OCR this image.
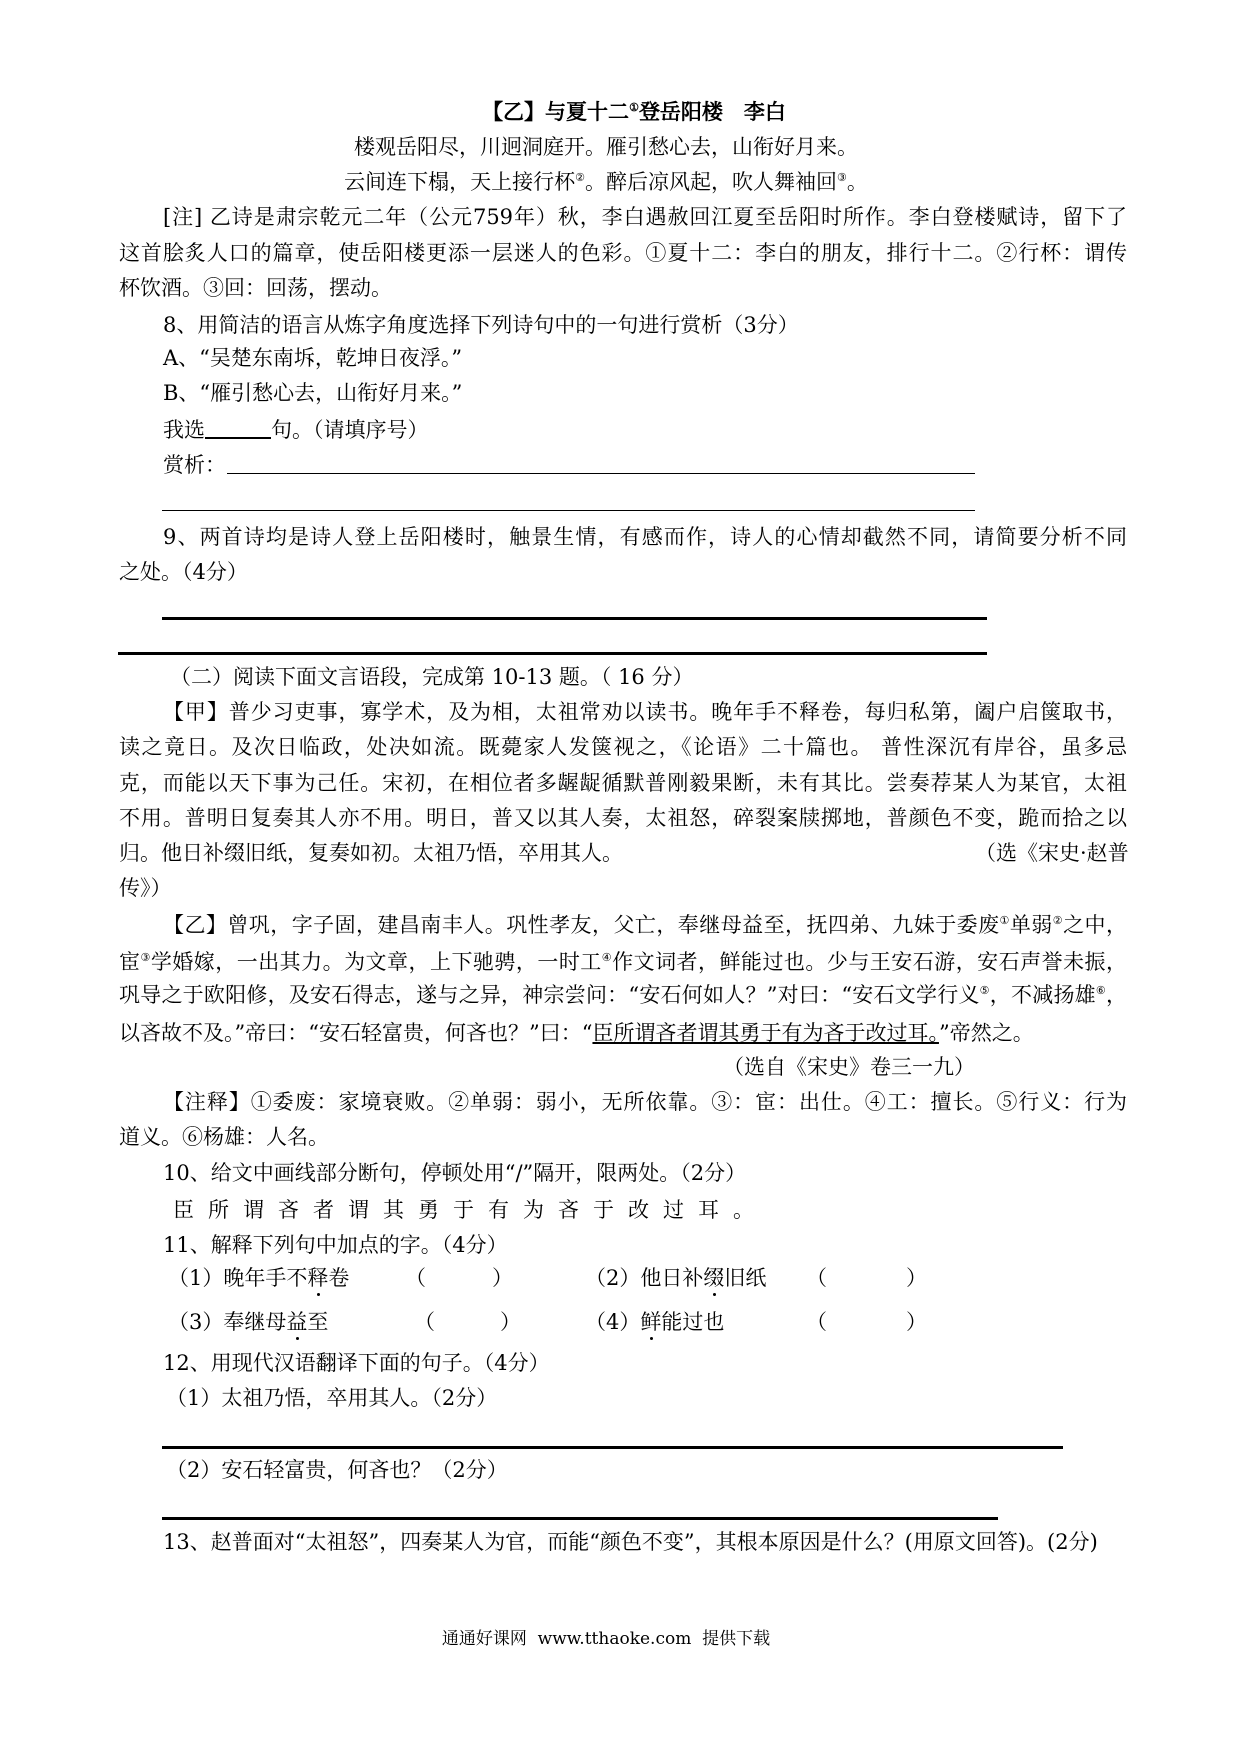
【乙】与夏十二①登岳阳楼　李白
楼观岳阳尽，川迥洞庭开。雁引愁心去，山衔好月来。
云间连下榻，天上接行杯②。醉后凉风起，吹人舞袖回③。
[注] 乙诗是肃宗乾元二年（公元759年）秋，李白遇赦回江夏至岳阳时所作。李白登楼赋诗，留下了
这首脍炙人口的篇章，使岳阳楼更添一层迷人的色彩。①夏十二：李白的朋友，排行十二。②行杯：谓传
杯饮酒。③回：回荡，摆动。
8、用简洁的语言从炼字角度选择下列诗句中的一句进行赏析（3分）
A、“吴楚东南坼，乾坤日夜浮。”
B、“雁引愁心去，山衔好月来。”
我选	句。（请填序号）
赏析：
9、两首诗均是诗人登上岳阳楼时，触景生情，有感而作，诗人的心情却截然不同，请简要分析不同
之处。（4分）
（二）阅读下面文言语段，完成第 10-13 题。（ 16 分）
【甲】普少习吏事，寡学术，及为相，太祖常劝以读书。晚年手不释卷，每归私第，阖户启箧取书，
读之竟日。及次日临政，处决如流。既薨家人发箧视之，《论语》二十篇也。 普性深沉有岸谷，虽多忌
克，而能以天下事为己任。宋初，在相位者多龌龊循默普刚毅果断，未有其比。尝奏荐某人为某官，太祖
不用。普明日复奏其人亦不用。明日，普又以其人奏，太祖怒，碎裂案牍掷地，普颜色不变，跪而拾之以
归。他日补缀旧纸，复奏如初。太祖乃悟，卒用其人。	（选《宋史·赵普
传》）
【乙】曾巩，字子固，建昌南丰人。巩性孝友，父亡，奉继母益至，抚四弟、九妹于委废①单弱②之中，
宦③学婚嫁，一出其力。为文章，上下驰骋，一时工④作文词者，鲜能过也。少与王安石游，安石声誉未振，
巩导之于欧阳修，及安石得志，遂与之异，神宗尝问：“安石何如人？”对曰：“安石文学行义⑤，不减扬雄⑥，
以吝故不及。”帝曰：“安石轻富贵，何吝也？”曰：“臣所谓吝者谓其勇于有为吝于改过耳。”帝然之。
（选自《宋史》卷三一九）
【注释】①委废：家境衰败。②单弱：弱小，无所依靠。③：宦：出仕。④工：擅长。⑤行义：行为
道义。⑥杨雄：人名。
10、给文中画线部分断句，停顿处用“/”隔开，限两处。（2分）
臣所谓吝者谓其勇于有为吝于改过耳。
11、解释下列句中加点的字。（4分）
（1）晚年手不释卷	（	）	（2）他日补缀旧纸 （	）
（3）奉继母益至	（	）	（4）鲜能过也	（	）
12、用现代汉语翻译下面的句子。（4分）
（1）太祖乃悟，卒用其人。（2分）
（2）安石轻富贵，何吝也？（2分）
13、赵普面对“太祖怒”，四奏某人为官，而能“颜色不变”，其根本原因是什么？(用原文回答)。(2分)
通通好课网  www.tthaoke.com  提供下载
